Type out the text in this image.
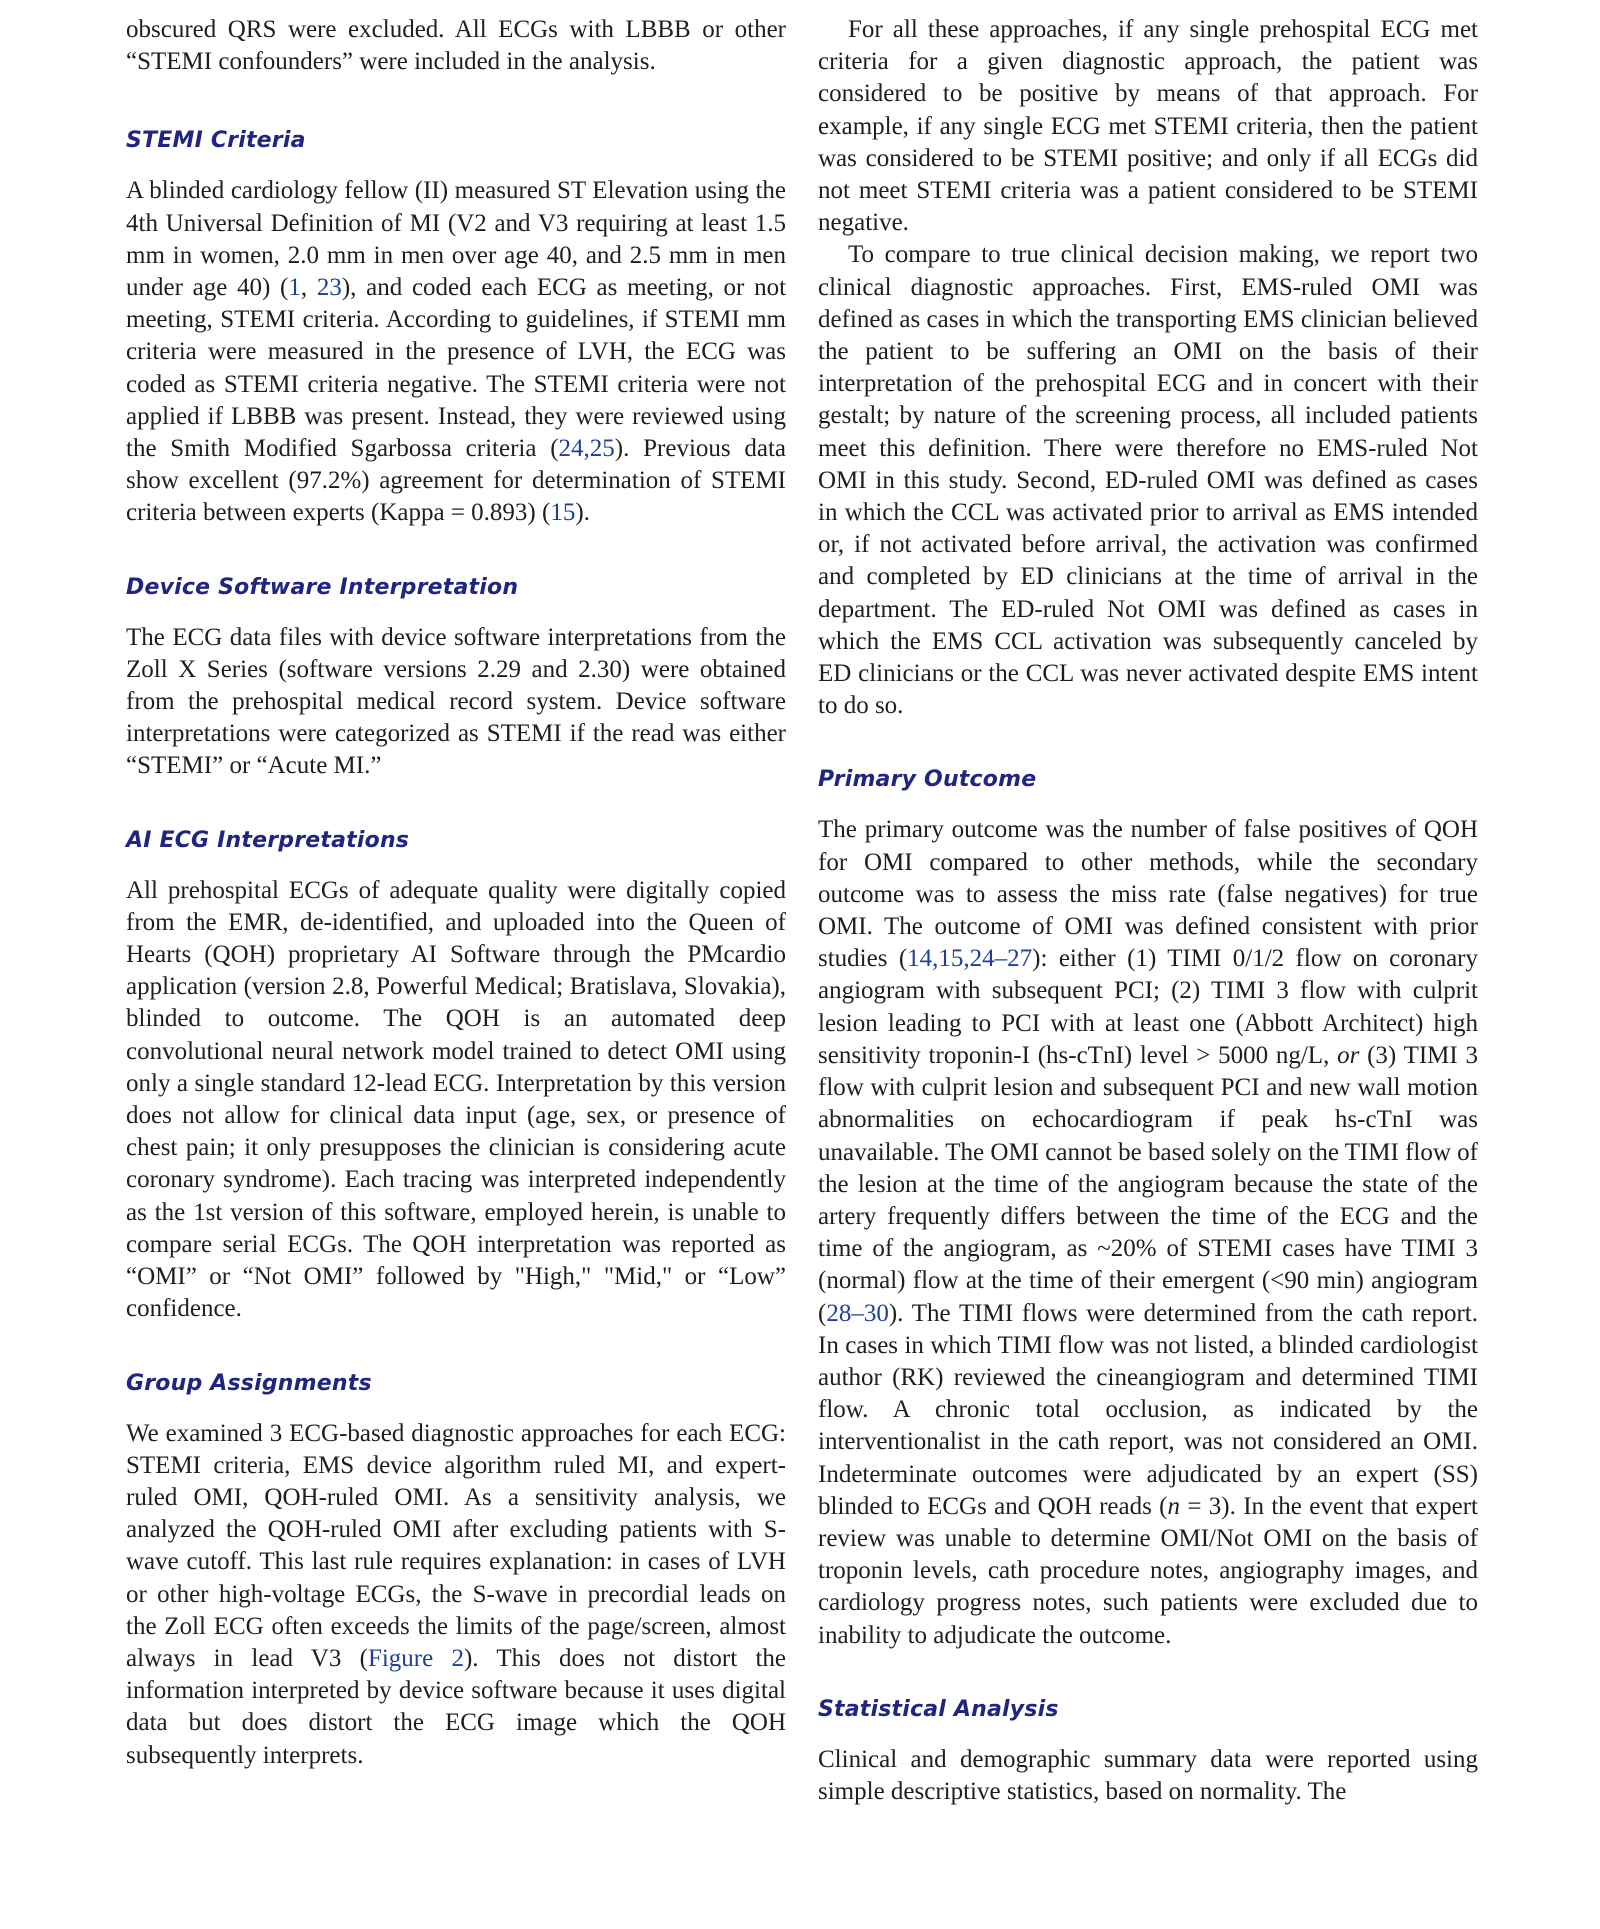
obscured QRS were excluded. All ECGs with LBBB or other “STEMI confounders” were included in the analysis.

STEMI Criteria

A blinded cardiology fellow (II) measured ST Elevation using the 4th Universal Definition of MI (V2 and V3 requiring at least 1.5 mm in women, 2.0 mm in men over age 40, and 2.5 mm in men under age 40) (1, 23), and coded each ECG as meeting, or not meeting, STEMI criteria. According to guidelines, if STEMI mm criteria were measured in the presence of LVH, the ECG was coded as STEMI criteria negative. The STEMI criteria were not applied if LBBB was present. Instead, they were reviewed using the Smith Modified Sgarbossa criteria (24,25). Previous data show excellent (97.2%) agreement for determination of STEMI criteria between experts (Kappa = 0.893) (15).

Device Software Interpretation

The ECG data files with device software interpretations from the Zoll X Series (software versions 2.29 and 2.30) were obtained from the prehospital medical record system. Device software interpretations were categorized as STEMI if the read was either “STEMI” or “Acute MI.”

AI ECG Interpretations

All prehospital ECGs of adequate quality were digitally copied from the EMR, de-identified, and uploaded into the Queen of Hearts (QOH) proprietary AI Software through the PMcardio application (version 2.8, Powerful Medical; Bratislava, Slovakia), blinded to outcome. The QOH is an automated deep convolutional neural network model trained to detect OMI using only a single standard 12-lead ECG. Interpretation by this version does not allow for clinical data input (age, sex, or presence of chest pain; it only presupposes the clinician is considering acute coronary syndrome). Each tracing was interpreted independently as the 1st version of this software, employed herein, is unable to compare serial ECGs. The QOH interpretation was reported as “OMI” or “Not OMI” followed by "High," "Mid," or “Low” confidence.

Group Assignments

We examined 3 ECG-based diagnostic approaches for each ECG: STEMI criteria, EMS device algorithm ruled MI, and expert-ruled OMI, QOH-ruled OMI. As a sensitivity analysis, we analyzed the QOH-ruled OMI after excluding patients with S-wave cutoff. This last rule requires explanation: in cases of LVH or other high-voltage ECGs, the S-wave in precordial leads on the Zoll ECG often exceeds the limits of the page/screen, almost always in lead V3 (Figure 2). This does not distort the information interpreted by device software because it uses digital data but does distort the ECG image which the QOH subsequently interprets.

For all these approaches, if any single prehospital ECG met criteria for a given diagnostic approach, the patient was considered to be positive by means of that approach. For example, if any single ECG met STEMI criteria, then the patient was considered to be STEMI positive; and only if all ECGs did not meet STEMI criteria was a patient considered to be STEMI negative.

To compare to true clinical decision making, we report two clinical diagnostic approaches. First, EMS-ruled OMI was defined as cases in which the transporting EMS clinician believed the patient to be suffering an OMI on the basis of their interpretation of the prehospital ECG and in concert with their gestalt; by nature of the screening process, all included patients meet this definition. There were therefore no EMS-ruled Not OMI in this study. Second, ED-ruled OMI was defined as cases in which the CCL was activated prior to arrival as EMS intended or, if not activated before arrival, the activation was confirmed and completed by ED clinicians at the time of arrival in the department. The ED-ruled Not OMI was defined as cases in which the EMS CCL activation was subsequently canceled by ED clinicians or the CCL was never activated despite EMS intent to do so.

Primary Outcome

The primary outcome was the number of false positives of QOH for OMI compared to other methods, while the secondary outcome was to assess the miss rate (false negatives) for true OMI. The outcome of OMI was defined consistent with prior studies (14,15,24–27): either (1) TIMI 0/1/2 flow on coronary angiogram with subsequent PCI; (2) TIMI 3 flow with culprit lesion leading to PCI with at least one (Abbott Architect) high sensitivity troponin-I (hs-cTnI) level > 5000 ng/L, or (3) TIMI 3 flow with culprit lesion and subsequent PCI and new wall motion abnormalities on echocardiogram if peak hs-cTnI was unavailable. The OMI cannot be based solely on the TIMI flow of the lesion at the time of the angiogram because the state of the artery frequently differs between the time of the ECG and the time of the angiogram, as ~20% of STEMI cases have TIMI 3 (normal) flow at the time of their emergent (<90 min) angiogram (28–30). The TIMI flows were determined from the cath report. In cases in which TIMI flow was not listed, a blinded cardiologist author (RK) reviewed the cineangiogram and determined TIMI flow. A chronic total occlusion, as indicated by the interventionalist in the cath report, was not considered an OMI. Indeterminate outcomes were adjudicated by an expert (SS) blinded to ECGs and QOH reads (n = 3). In the event that expert review was unable to determine OMI/Not OMI on the basis of troponin levels, cath procedure notes, angiography images, and cardiology progress notes, such patients were excluded due to inability to adjudicate the outcome.

Statistical Analysis

Clinical and demographic summary data were reported using simple descriptive statistics, based on normality. The
